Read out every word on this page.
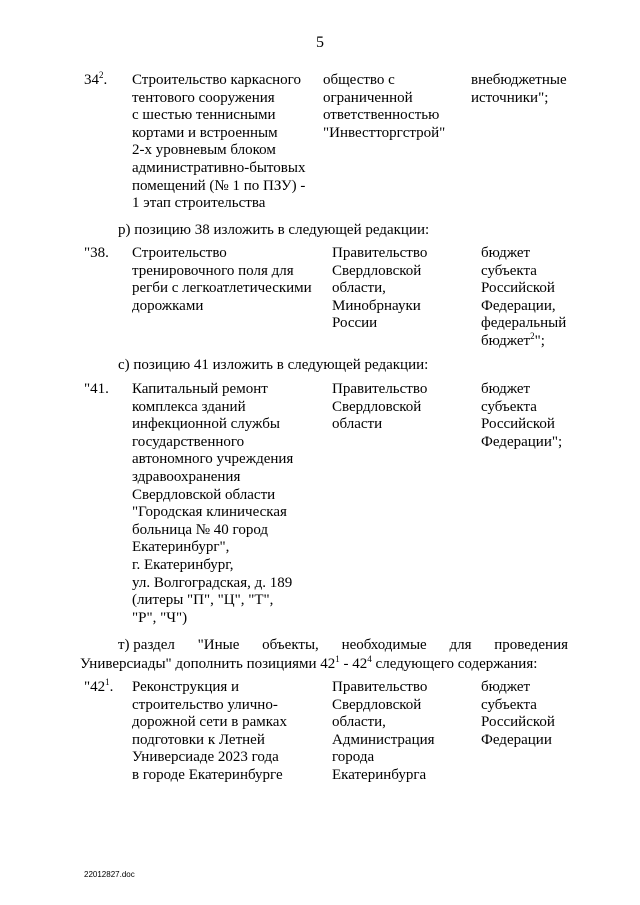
5
$34^2$. Строительство каркасного
тентового сооружения
с шестью теннисными
кортами и встроенным
2-х уровневым блоком
административно-бытовых
помещений (№ 1 по ПЗУ) -
1 этап строительства
общество с
ограниченной
ответственностью
"Инвестторгстрой"
внебюджетные
источники";
р) позицию 38 изложить в следующей редакции:
"38. Строительство
тренировочного поля для
регби с легкоатлетическими
дорожками
Правительство
Свердловской
области,
Минобрнауки
России
бюджет
субъекта
Российской
Федерации,
федеральный
бюджет$^2$";
с) позицию 41 изложить в следующей редакции:
"41. Капитальный ремонт
комплекса зданий
инфекционной службы
государственного
автономного учреждения
здравоохранения
Свердловской области
"Городская клиническая
больница № 40 город
Екатеринбург",
г. Екатеринбург,
ул. Волгоградская, д. 189
(литеры "П", "Ц", "Т",
"Р", "Ч")
Правительство
Свердловской
области
бюджет
субъекта
Российской
Федерации";
т) раздел "Иные объекты, необходимые для проведения
Универсиады" дополнить позициями $42^1 - 42^4$ следующего содержания:
"$42^1$. Реконструкция и
строительство улично-
дорожной сети в рамках
подготовки к Летней
Универсиаде 2023 года
в городе Екатеринбурге
Правительство
Свердловской
области,
Администрация
города
Екатеринбурга
бюджет
субъекта
Российской
Федерации
22012827.doc
